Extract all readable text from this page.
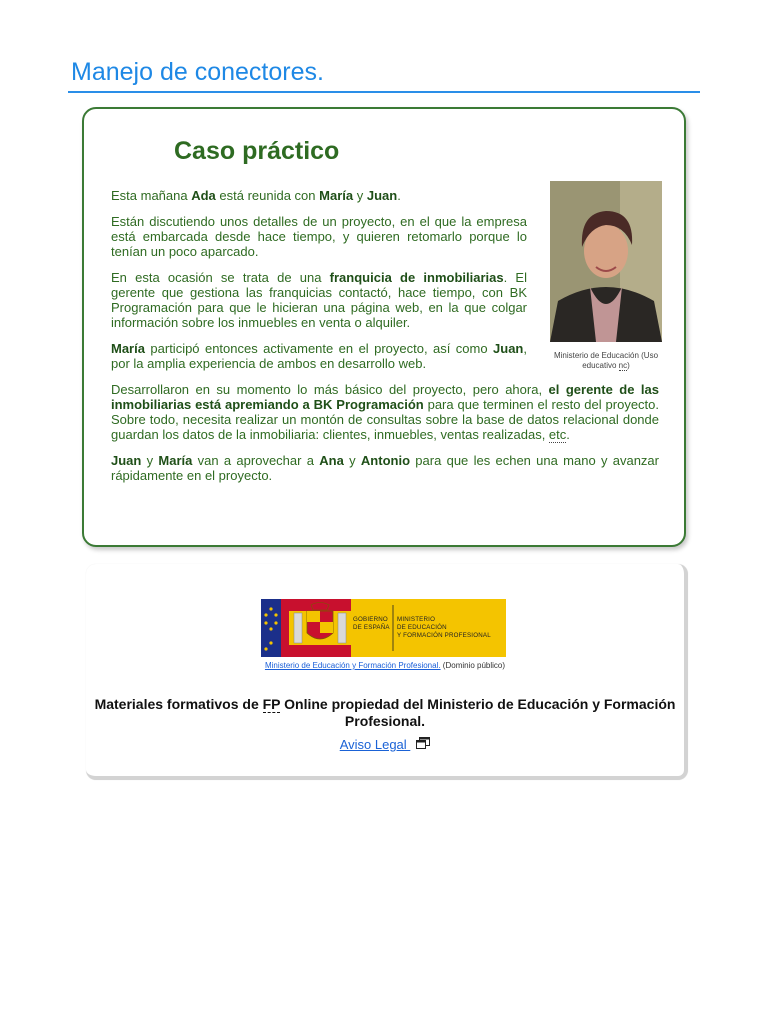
Manejo de conectores.
Caso práctico
Ministerio de Educación (Uso educativo nc)

Esta mañana Ada está reunida con María y Juan.

Están discutiendo unos detalles de un proyecto, en el que la empresa está embarcada desde hace tiempo, y quieren retomarlo porque lo tenían un poco aparcado.

En esta ocasión se trata de una franquicia de inmobiliarias. El gerente que gestiona las franquicias contactó, hace tiempo, con BK Programación para que le hicieran una página web, en la que colgar información sobre los inmuebles en venta o alquiler.

María participó entonces activamente en el proyecto, así como Juan, por la amplia experiencia de ambos en desarrollo web.

Desarrollaron en su momento lo más básico del proyecto, pero ahora, el gerente de las inmobiliarias está apremiando a BK Programación para que terminen el resto del proyecto. Sobre todo, necesita realizar un montón de consultas sobre la base de datos relacional donde guardan los datos de la inmobiliaria: clientes, inmuebles, ventas realizadas, etc.

Juan y María van a aprovechar a Ana y Antonio para que les echen una mano y avanzar rápidamente en el proyecto.

GOBIERNO
DE ESPAÑA
MINISTERIO
DE EDUCACIÓN
Y FORMACIÓN PROFESIONAL
Ministerio de Educación y Formación Profesional. (Dominio público)
Materiales formativos de FP Online propiedad del Ministerio de Educación y Formación Profesional.
Aviso Legal
